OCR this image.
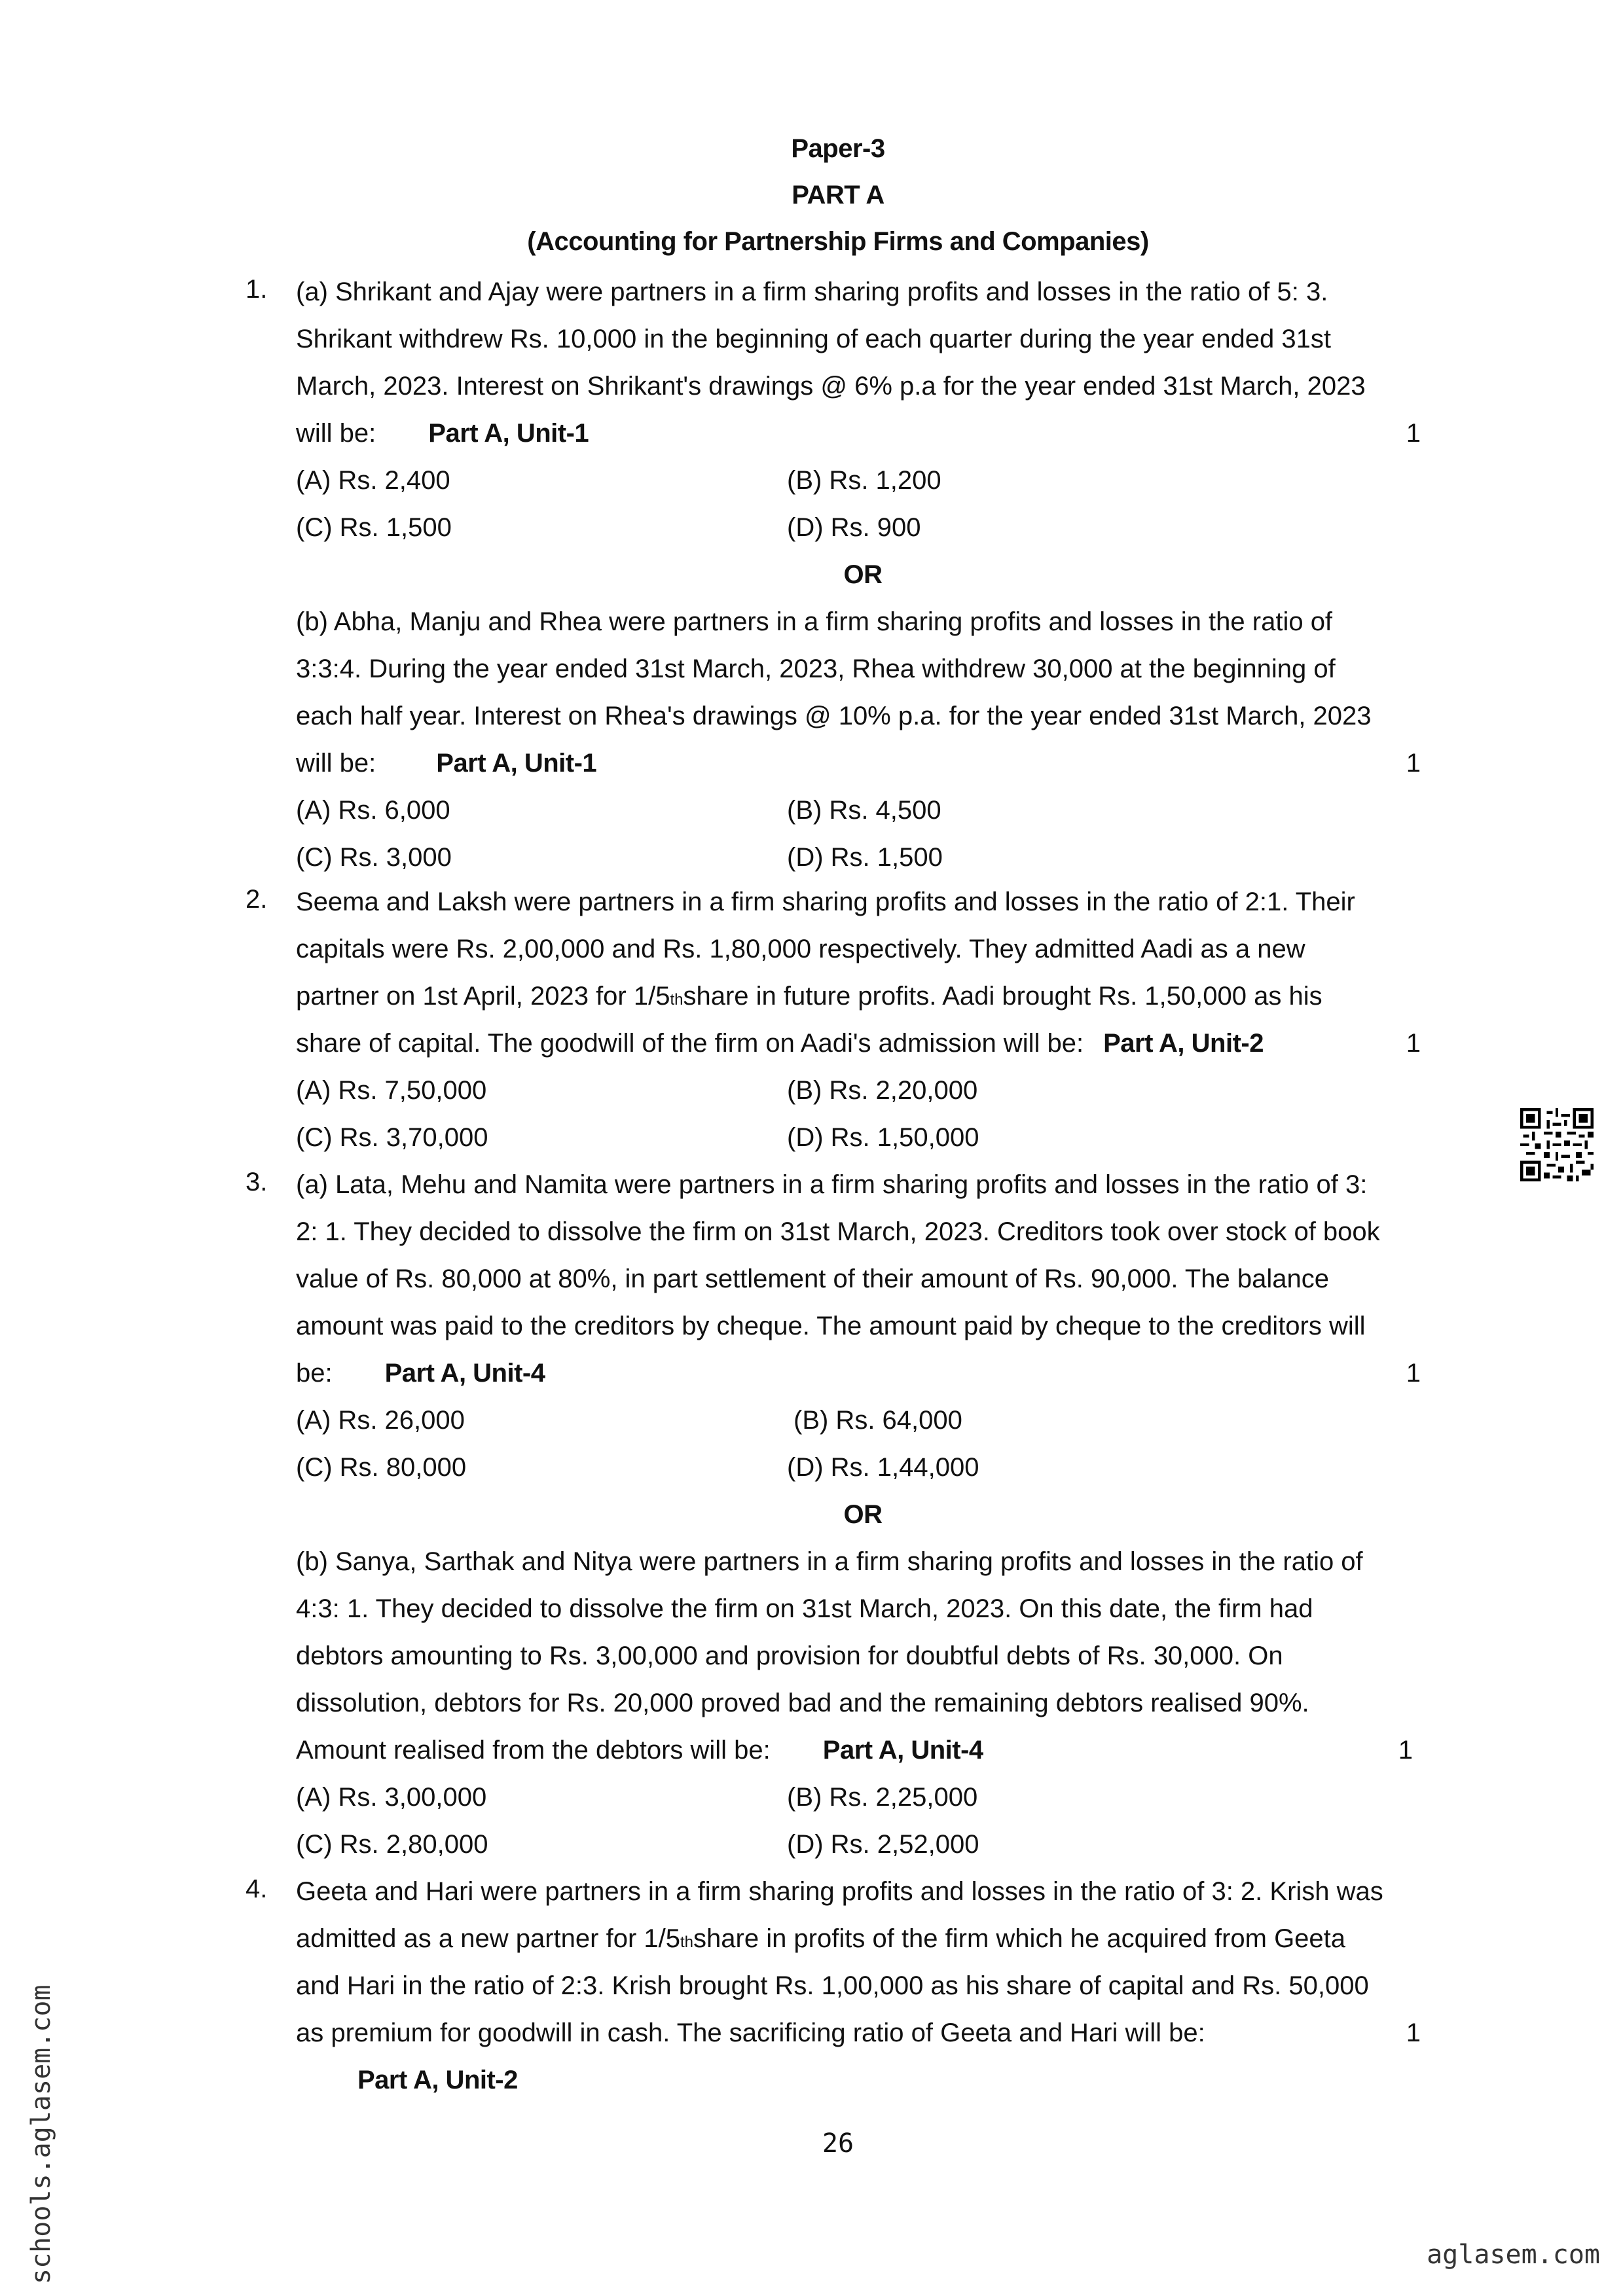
Paper-3
PART A
(Accounting for Partnership Firms and Companies)
1. (a) Shrikant and Ajay were partners in a firm sharing profits and losses in the ratio of 5: 3.
Shrikant withdrew Rs. 10,000 in the beginning of each quarter during the year ended 31st
March, 2023. Interest on Shrikant's drawings @ 6% p.a for the year ended 31st March, 2023
will be: Part A, Unit-1	1
(A) Rs. 2,400	(B) Rs. 1,200
(C) Rs. 1,500	(D) Rs. 900
OR
(b) Abha, Manju and Rhea were partners in a firm sharing profits and losses in the ratio of
3:3:4. During the year ended 31st March, 2023, Rhea withdrew 30,000 at the beginning of
each half year. Interest on Rhea's drawings @ 10% p.a. for the year ended 31st March, 2023
will be: Part A, Unit-1	1
(A) Rs. 6,000	(B) Rs. 4,500
(C) Rs. 3,000	(D) Rs. 1,500
2. Seema and Laksh were partners in a firm sharing profits and losses in the ratio of 2:1. Their
capitals were Rs. 2,00,000 and Rs. 1,80,000 respectively. They admitted Aadi as a new
partner on 1st April, 2023 for 1/5 th share in future profits. Aadi brought Rs. 1,50,000 as his
share of capital. The goodwill of the firm on Aadi's admission will be: Part A, Unit-2	1
(A) Rs. 7,50,000	(B) Rs. 2,20,000
(C) Rs. 3,70,000	(D) Rs. 1,50,000
3. (a) Lata, Mehu and Namita were partners in a firm sharing profits and losses in the ratio of 3:
2: 1. They decided to dissolve the firm on 31st March, 2023. Creditors took over stock of book
value of Rs. 80,000 at 80%, in part settlement of their amount of Rs. 90,000. The balance
amount was paid to the creditors by cheque. The amount paid by cheque to the creditors will
be: Part A, Unit-4	1
(A) Rs. 26,000	(B) Rs. 64,000
(C) Rs. 80,000	(D) Rs. 1,44,000
OR
(b) Sanya, Sarthak and Nitya were partners in a firm sharing profits and losses in the ratio of
4:3: 1. They decided to dissolve the firm on 31st March, 2023. On this date, the firm had
debtors amounting to Rs. 3,00,000 and provision for doubtful debts of Rs. 30,000. On
dissolution, debtors for Rs. 20,000 proved bad and the remaining debtors realised 90%.
Amount realised from the debtors will be: Part A, Unit-4	1
(A) Rs. 3,00,000	(B) Rs. 2,25,000
(C) Rs. 2,80,000	(D) Rs. 2,52,000
4. Geeta and Hari were partners in a firm sharing profits and losses in the ratio of 3: 2. Krish was
admitted as a new partner for 1/5 th share in profits of the firm which he acquired from Geeta
and Hari in the ratio of 2:3. Krish brought Rs. 1,00,000 as his share of capital and Rs. 50,000
as premium for goodwill in cash. The sacrificing ratio of Geeta and Hari will be:	1
Part A, Unit-2
26
schools.aglasem.com	aglasem.com
